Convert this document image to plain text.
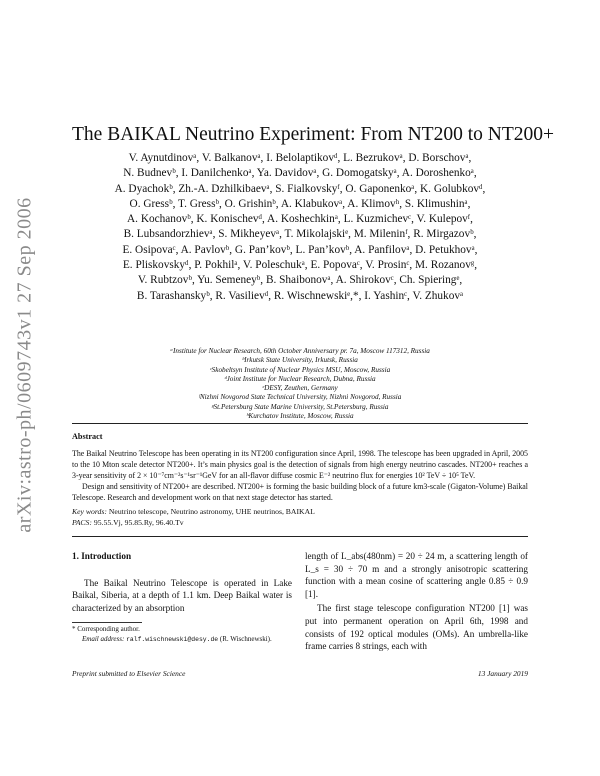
arXiv:astro-ph/0609743v1 27 Sep 2006
The BAIKAL Neutrino Experiment: From NT200 to NT200+
V. Aynutdinovᵃ, V. Balkanovᵃ, I. Belolaptikovᵈ, L. Bezrukovᵃ, D. Borschovᵃ,
N. Budnevᵇ, I. Danilchenkoᵃ, Ya. Davidovᵃ, G. Domogatskyᵃ, A. Doroshenkoᵃ,
A. Dyachokᵇ, Zh.-A. Dzhilkibaevᵃ, S. Fialkovskyᶠ, O. Gaponenkoᵃ, K. Golubkovᵈ,
O. Gressᵇ, T. Gressᵇ, O. Grishinᵇ, A. Klabukovᵃ, A. Klimovʰ, S. Klimushinᵃ,
A. Kochanovᵇ, K. Konischevᵈ, A. Koshechkinᵃ, L. Kuzmichevᶜ, V. Kulepovᶠ,
B. Lubsandorzhievᵃ, S. Mikheyevᵃ, T. Mikolajskiᵉ, M. Mileninᶠ, R. Mirgazovᵇ,
E. Osipovaᶜ, A. Pavlovᵇ, G. Pan’kovᵇ, L. Pan’kovᵇ, A. Panfilovᵃ, D. Petukhovᵃ,
E. Pliskovskyᵈ, P. Pokhilᵃ, V. Poleschukᵃ, E. Popovaᶜ, V. Prosinᶜ, M. Rozanovᵍ,
V. Rubtzovᵇ, Yu. Semeneyᵇ, B. Shaibonovᵃ, A. Shirokovᶜ, Ch. Spieringᵉ,
B. Tarashanskyᵇ, R. Vasilievᵈ, R. Wischnewskiᵉ,*, I. Yashinᶜ, V. Zhukovᵃ
ᵃInstitute for Nuclear Research, 60th October Anniversary pr. 7a, Moscow 117312, Russia
ᵇIrkutsk State University, Irkutsk, Russia
ᶜSkobeltsyn Institute of Nuclear Physics MSU, Moscow, Russia
ᵈJoint Institute for Nuclear Research, Dubna, Russia
ᵉDESY, Zeuthen, Germany
ᶠNizhni Novgorod State Technical University, Nizhni Novgorod, Russia
ᵍSt.Petersburg State Marine University, St.Petersburg, Russia
ʰKurchatov Institute, Moscow, Russia
Abstract

The Baikal Neutrino Telescope has been operating in its NT200 configuration since April, 1998. The telescope has been upgraded in April, 2005 to the 10 Mton scale detector NT200+. It’s main physics goal is the detection of signals from high energy neutrino cascades. NT200+ reaches a 3-year sensitivity of 2 × 10⁻⁷cm⁻²s⁻¹sr⁻¹GeV for an all-flavor diffuse cosmic E⁻² neutrino flux for energies 10² TeV ÷ 10⁵ TeV.

Design and sensitivity of NT200+ are described. NT200+ is forming the basic building block of a future km3-scale (Gigaton-Volume) Baikal Telescope. Research and development work on that next stage detector has started.

Key words: Neutrino telescope, Neutrino astronomy, UHE neutrinos, BAIKAL
PACS: 95.55.Vj, 95.85.Ry, 96.40.Tv
1. Introduction

The Baikal Neutrino Telescope is operated in Lake Baikal, Siberia, at a depth of 1.1 km. Deep Baikal water is characterized by an absorption

* Corresponding author.
Email address: ralf.wischnewski@desy.de (R. Wischnewski).

length of L_abs(480nm) = 20 ÷ 24 m, a scattering length of L_s = 30 ÷ 70 m and a strongly anisotropic scattering function with a mean cosine of scattering angle 0.85 ÷ 0.9 [1].

The first stage telescope configuration NT200 [1] was put into permanent operation on April 6th, 1998 and consists of 192 optical modules (OMs). An umbrella-like frame carries 8 strings, each with

Preprint submitted to Elsevier Science	13 January 2019
